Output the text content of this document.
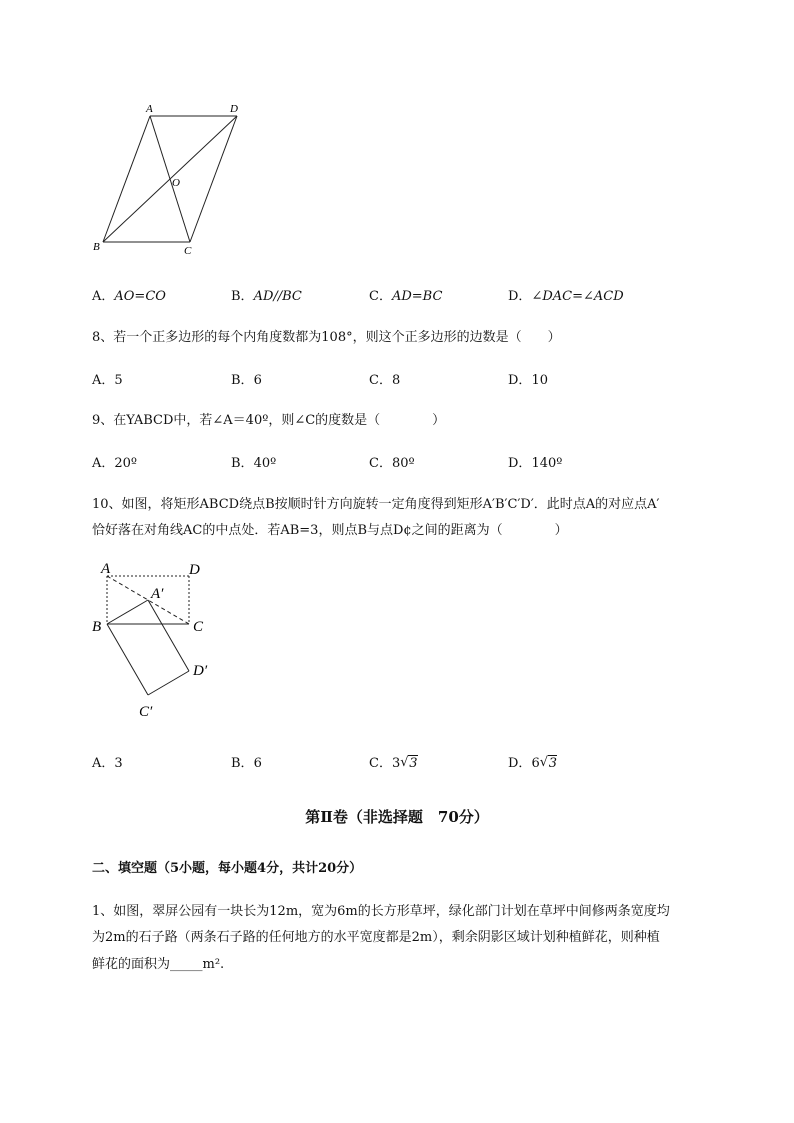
A	D
O
B	C
A．AO=CO	B．AD//BC	C．AD=BC	D．∠DAC=∠ACD
8、若一个正多边形的每个内角度数都为108°，则这个正多边形的边数是（　　）
A．5	B．6	C．8	D．10
9、在YABCD中，若∠A＝40º，则∠C的度数是（　　　　）
A．20º	B．40º	C．80º	D．140º
10、如图，将矩形ABCD绕点B按顺时针方向旋转一定角度得到矩形A′B′C′D′．此时点A的对应点A′
恰好落在对角线AC的中点处．若AB=3，则点B与点D¢之间的距离为（　　　　）
A	D
A′
B	C
D′
C′
A．3	B．6	C．3 √ 3	D．6 √ 3
第Ⅱ卷（非选择题　70分）
二、填空题（5小题，每小题4分，共计20分）
1、如图，翠屏公园有一块长为12m，宽为6m的长方形草坪，绿化部门计划在草坪中间修两条宽度均
为2m的石子路（两条石子路的任何地方的水平宽度都是2m），剩余阴影区域计划种植鲜花，则种植
鲜花的面积为_____m².
